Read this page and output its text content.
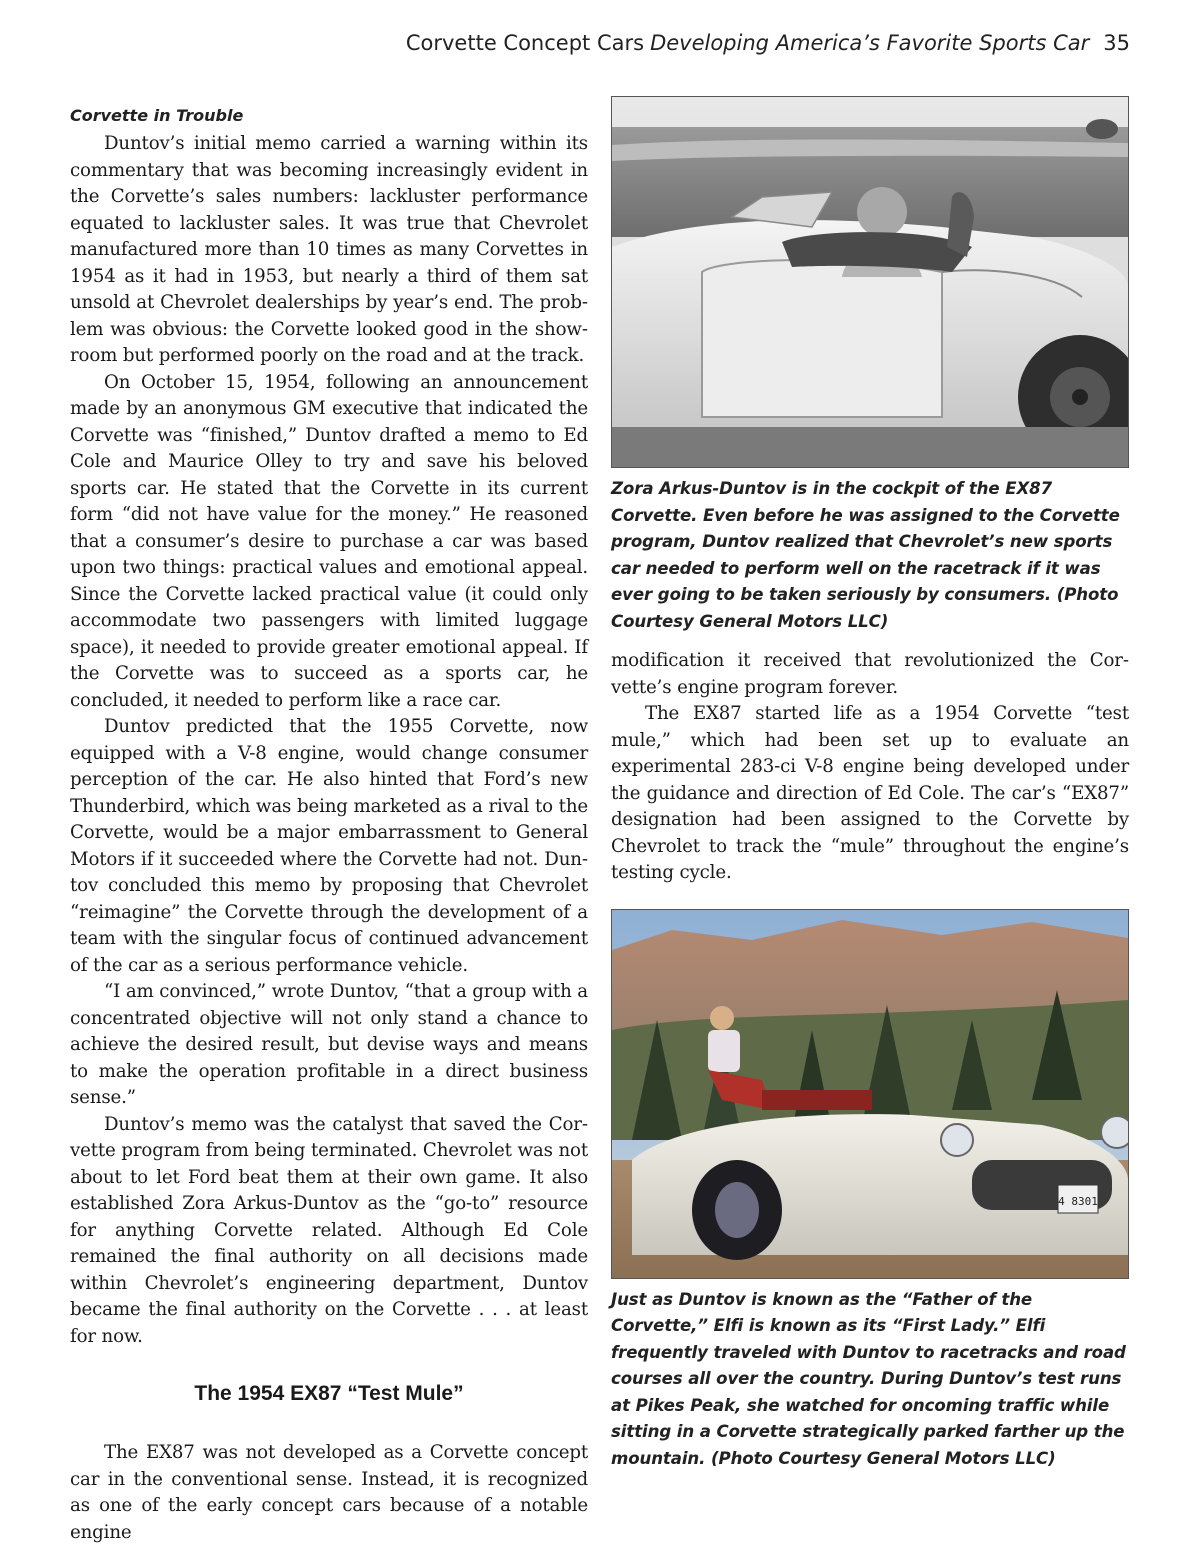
Corvette Concept Cars Developing America’s Favorite Sports Car 35
Corvette in Trouble

Duntov’s initial memo carried a warning within its commentary that was becoming increasingly evident in the Corvette’s sales numbers: lackluster performance equated to lackluster sales. It was true that Chevrolet manufactured more than 10 times as many Corvettes in 1954 as it had in 1953, but nearly a third of them sat unsold at Chevrolet dealerships by year’s end. The problem was obvious: the Corvette looked good in the showroom but performed poorly on the road and at the track.

On October 15, 1954, following an announcement made by an anonymous GM executive that indicated the Corvette was “finished,” Duntov drafted a memo to Ed Cole and Maurice Olley to try and save his beloved sports car. He stated that the Corvette in its current form “did not have value for the money.” He reasoned that a consumer’s desire to purchase a car was based upon two things: practical values and emotional appeal. Since the Corvette lacked practical value (it could only accommodate two passengers with limited luggage space), it needed to provide greater emotional appeal. If the Corvette was to succeed as a sports car, he concluded, it needed to perform like a race car.

Duntov predicted that the 1955 Corvette, now equipped with a V-8 engine, would change consumer perception of the car. He also hinted that Ford’s new Thunderbird, which was being marketed as a rival to the Corvette, would be a major embarrassment to General Motors if it succeeded where the Corvette had not. Duntov concluded this memo by proposing that Chevrolet “reimagine” the Corvette through the development of a team with the singular focus of continued advancement of the car as a serious performance vehicle.

“I am convinced,” wrote Duntov, “that a group with a concentrated objective will not only stand a chance to achieve the desired result, but devise ways and means to make the operation profitable in a direct business sense.”

Duntov’s memo was the catalyst that saved the Corvette program from being terminated. Chevrolet was not about to let Ford beat them at their own game. It also established Zora Arkus-Duntov as the “go-to” resource for anything Corvette related. Although Ed Cole remained the final authority on all decisions made within Chevrolet’s engineering department, Duntov became the final authority on the Corvette . . . at least for now.

The 1954 EX87 “Test Mule”

The EX87 was not developed as a Corvette concept car in the conventional sense. Instead, it is recognized as one of the early concept cars because of a notable engine

Zora Arkus-Duntov is in the cockpit of the EX87 Corvette. Even before he was assigned to the Corvette program, Duntov realized that Chevrolet’s new sports car needed to perform well on the racetrack if it was ever going to be taken seriously by consumers. (Photo Courtesy General Motors LLC)

modification it received that revolutionized the Corvette’s engine program forever.

The EX87 started life as a 1954 Corvette “test mule,” which had been set up to evaluate an experimental 283-ci V-8 engine being developed under the guidance and direction of Ed Cole. The car’s “EX87” designation had been assigned to the Corvette by Chevrolet to track the “mule” throughout the engine’s testing cycle.

4 8301

Just as Duntov is known as the “Father of the Corvette,” Elfi is known as its “First Lady.” Elfi frequently traveled with Duntov to racetracks and road courses all over the country. During Duntov’s test runs at Pikes Peak, she watched for oncoming traffic while sitting in a Corvette strategically parked farther up the mountain. (Photo Courtesy General Motors LLC)
